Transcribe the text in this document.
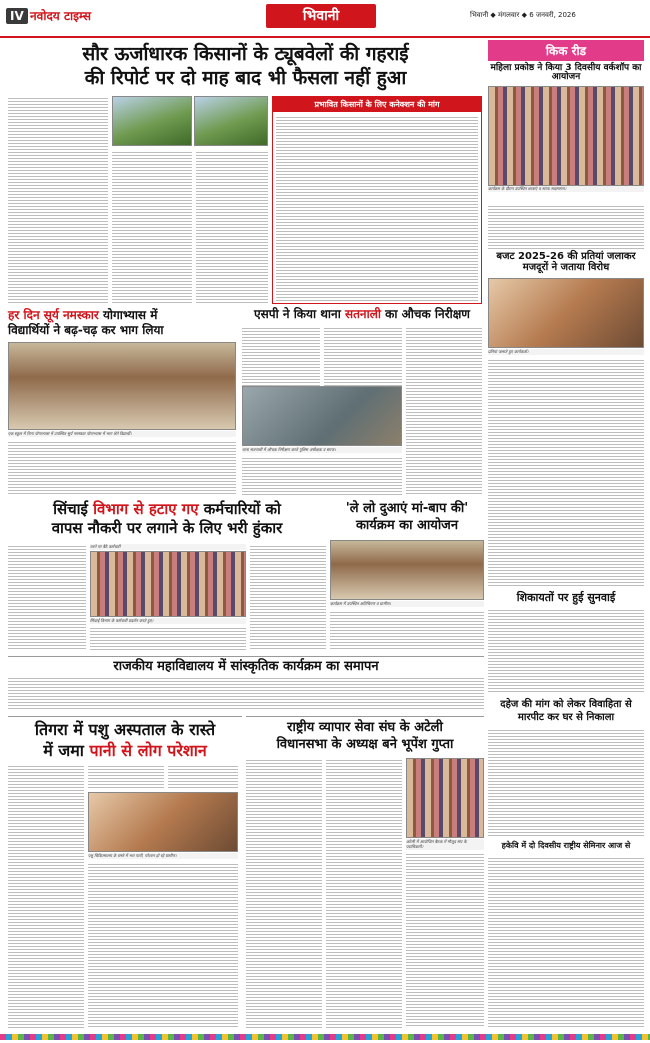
IV नवोदय टाइम्स	भिवानी	भिवानी ◆ मंगलवार ◆ 6 जनवरी, 2026
सौर ऊर्जाधारक किसानों के ट्यूबवेलों की गहराई
की रिपोर्ट पर दो माह बाद भी फैसला नहीं हुआ
प्रभावित किसानों के लिए कनेक्शन की मांग
किक रीड
महिला प्रकोष्ठ ने किया 3 दिवसीय वर्कशॉप का आयोजन
कार्यक्रम के दौरान उपस्थित छात्राएं व स्टाफ सदस्यगण।
बजट 2025-26 की प्रतियां जलाकर मजदूरों ने जताया विरोध
प्रतियां जलाते हुए कार्यकर्ता।
हर दिन सूर्य नमस्कार योगाभ्यास में
विद्यार्थियों ने बढ़-चढ़ कर भाग लिया
एक स्कूल में नित्य योगाभ्यास में उपस्थित सूर्य नमस्कार योगाभ्यास में भाग लेते विद्यार्थी।
एसपी ने किया थाना सतनाली का औचक निरीक्षण
थाना सतनाली में औचक निरीक्षण करते पुलिस अधीक्षक व स्टाफ।
सिंचाई विभाग से हटाए गए कर्मचारियों को
वापस नौकरी पर लगाने के लिए भरी हुंकार
धरने पर बैठे कर्मचारी
सिंचाई विभाग के कर्मचारी प्रदर्शन करते हुए।
'ले लो दुआएं मां-बाप की'
कार्यक्रम का आयोजन
कार्यक्रम में उपस्थित अतिथिगण व ग्रामीण।	शिकायतों पर हुई सुनवाई
राजकीय महाविद्यालय में सांस्कृतिक कार्यक्रम का समापन
दहेज की मांग को लेकर विवाहिता से
मारपीट कर घर से निकाला
हकेवि में दो दिवसीय राष्ट्रीय सेमिनार आज से
तिगरा में पशु अस्पताल के रास्ते
में जमा पानी से लोग परेशान
पशु चिकित्सालय के रास्ते में भरा पानी, परेशान हो रहे ग्रामीण।
राष्ट्रीय व्यापार सेवा संघ के अटेली
विधानसभा के अध्यक्ष बने भूपेंश गुप्ता
अटेली में आयोजित बैठक में मौजूद संघ के पदाधिकारी।
